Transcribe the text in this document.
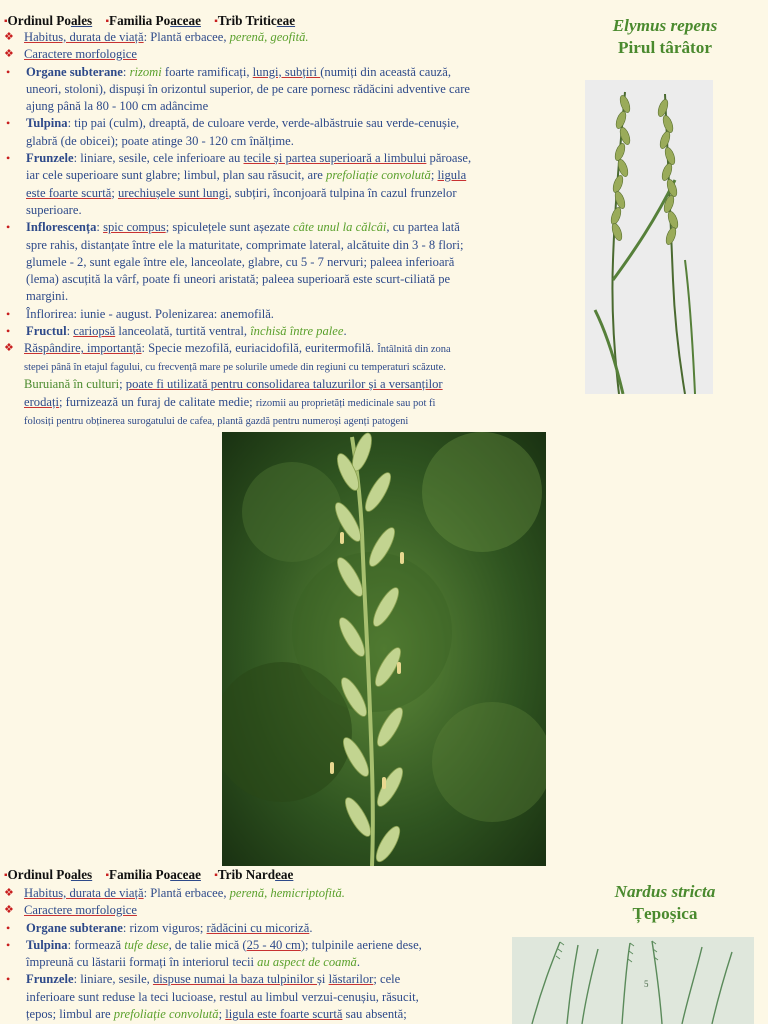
▪Ordinul Poales ▪Familia Poaceae ▪Trib Triticeae	Elymus repens
Pirul târâtor
❖ Habitus, durata de viață: Plantă erbacee, perenă, geofită.
❖ Caractere morfologice
•	Organe subterane: rizomi foarte ramificați, lungi, subțiri (numiți din această cauză,
uneori, stoloni), dispuși în orizontul superior, de pe care pornesc rădăcini adventive care
ajung până la 80 - 100 cm adâncime
•	Tulpina: tip pai (culm), dreaptă, de culoare verde, verde-albăstruie sau verde-cenușie,
glabră (de obicei); poate atinge 30 - 120 cm înălțime.
•	Frunzele: liniare, sesile, cele inferioare au tecile și partea superioară a limbului păroase,
iar cele superioare sunt glabre; limbul, plan sau răsucit, are prefoliație convolută; ligula
este foarte scurtă; urechiușele sunt lungi, subțiri, înconjoară tulpina în cazul frunzelor
superioare.
•	Inflorescența: spic compus; spiculețele sunt așezate câte unul la călcâi, cu partea lată
spre rahis, distanțate între ele la maturitate, comprimate lateral, alcătuite din 3 - 8 flori;
glumele - 2, sunt egale între ele, lanceolate, glabre, cu 5 - 7 nervuri; paleea inferioară
(lema) ascuțită la vârf, poate fi uneori aristată; paleea superioară este scurt-ciliată pe
margini.
•	Înflorirea: iunie - august. Polenizarea: anemofilă.
•	Fructul: cariopsă lanceolată, turtită ventral, închisă între palee.
❖ Răspândire, importanță: Specie mezofilă, euriacidofilă, euritermofilă. Întâlnită din zona
stepei până în etajul fagului, cu frecvență mare pe solurile umede din regiuni cu temperaturi scăzute.
Buruiană în culturi; poate fi utilizată pentru consolidarea taluzurilor și a versanților
erodați; furnizează un furaj de calitate medie; rizomii au proprietăți medicinale sau pot fi
folosiți pentru obținerea surogatului de cafea, plantă gazdă pentru numeroși agenți patogeni
▪Ordinul Poales ▪Familia Poaceae ▪Trib Nardeae
❖ Habitus, durata de viață: Plantă erbacee, perenă, hemicriptofită.
❖ Caractere morfologice
•	Organe subterane: rizom viguros; rădăcini cu micoriză.
•	Tulpina: formează tufe dese, de talie mică (25 - 40 cm); tulpinile aeriene dese,
împreună cu lăstarii formați în interiorul tecii au aspect de coamă.
•	Frunzele: liniare, sesile, dispuse numai la baza tulpinilor și lăstarilor; cele
inferioare sunt reduse la teci lucioase, restul au limbul verzui-cenușiu, răsucit,
țepos; limbul are prefoliație convolută; ligula este foarte scurtă sau absentă;
Nardus stricta
Țepoșica
5
